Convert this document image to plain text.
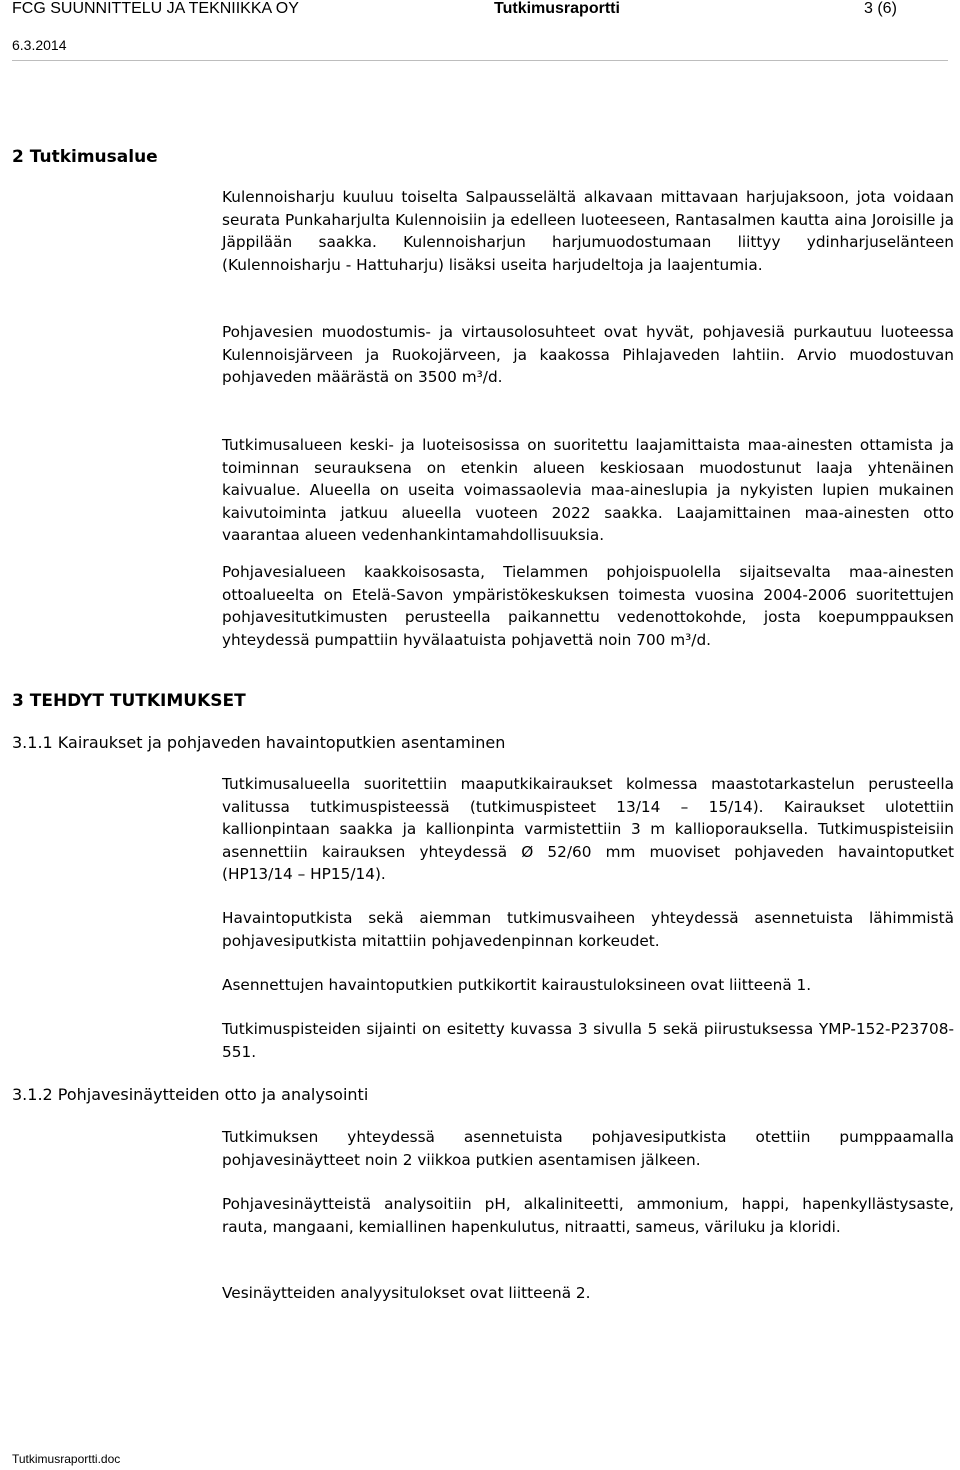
FCG SUUNNITTELU JA TEKNIIKKA OY	Tutkimusraportti	3 (6)
6.3.2014
2 Tutkimusalue

Kulennoisharju kuuluu toiselta Salpausselältä alkavaan mittavaan harjujaksoon, jota voidaan seurata Punkaharjulta Kulennoisiin ja edelleen luoteeseen, Rantasalmen kautta aina Joroisille ja Jäppilään saakka. Kulennoisharjun harjumuodostumaan liittyy ydinharjuselänteen (Kulennoisharju - Hattuharju) lisäksi useita harjudeltoja ja laajentumia.

Pohjavesien muodostumis- ja virtausolosuhteet ovat hyvät, pohjavesiä purkautuu luoteessa Kulennoisjärveen ja Ruokojärveen, ja kaakossa Pihlajaveden lahtiin. Arvio muodostuvan pohjaveden määrästä on 3500 m³/d.

Tutkimusalueen keski- ja luoteisosissa on suoritettu laajamittaista maa-ainesten ottamista ja toiminnan seurauksena on etenkin alueen keskiosaan muodostunut laaja yhtenäinen kaivualue. Alueella on useita voimassaolevia maa-aineslupia ja nykyisten lupien mukainen kaivutoiminta jatkuu alueella vuoteen 2022 saakka. Laajamittainen maa-ainesten otto vaarantaa alueen vedenhankintamahdollisuuksia.

Pohjavesialueen kaakkoisosasta, Tielammen pohjoispuolella sijaitsevalta maa-ainesten ottoalueelta on Etelä-Savon ympäristökeskuksen toimesta vuosina 2004-2006 suoritettujen pohjavesitutkimusten perusteella paikannettu vedenottokohde, josta koepumppauksen yhteydessä pumpattiin hyvälaatuista pohjavettä noin 700 m³/d.

3 TEHDYT TUTKIMUKSET
3.1.1 Kairaukset ja pohjaveden havaintoputkien asentaminen

Tutkimusalueella suoritettiin maaputkikairaukset kolmessa maastotarkastelun perusteella valitussa tutkimuspisteessä (tutkimuspisteet 13/14 – 15/14). Kairaukset ulotettiin kallionpintaan saakka ja kallionpinta varmistettiin 3 m kallioporauksella. Tutkimuspisteisiin asennettiin kairauksen yhteydessä Ø 52/60 mm muoviset pohjaveden havaintoputket (HP13/14 – HP15/14).

Havaintoputkista sekä aiemman tutkimusvaiheen yhteydessä asennetuista lähimmistä pohjavesiputkista mitattiin pohjavedenpinnan korkeudet.

Asennettujen havaintoputkien putkikortit kairaustuloksineen ovat liitteenä 1.

Tutkimuspisteiden sijainti on esitetty kuvassa 3 sivulla 5 sekä piirustuksessa YMP-152-P23708-551.

3.1.2 Pohjavesinäytteiden otto ja analysointi

Tutkimuksen yhteydessä asennetuista pohjavesiputkista otettiin pumppaamalla pohjavesinäytteet noin 2 viikkoa putkien asentamisen jälkeen.

Pohjavesinäytteistä analysoitiin pH, alkaliniteetti, ammonium, happi, hapenkyllästysaste, rauta, mangaani, kemiallinen hapenkulutus, nitraatti, sameus, väriluku ja kloridi.

Vesinäytteiden analyysitulokset ovat liitteenä 2.

Tutkimusraportti.doc
